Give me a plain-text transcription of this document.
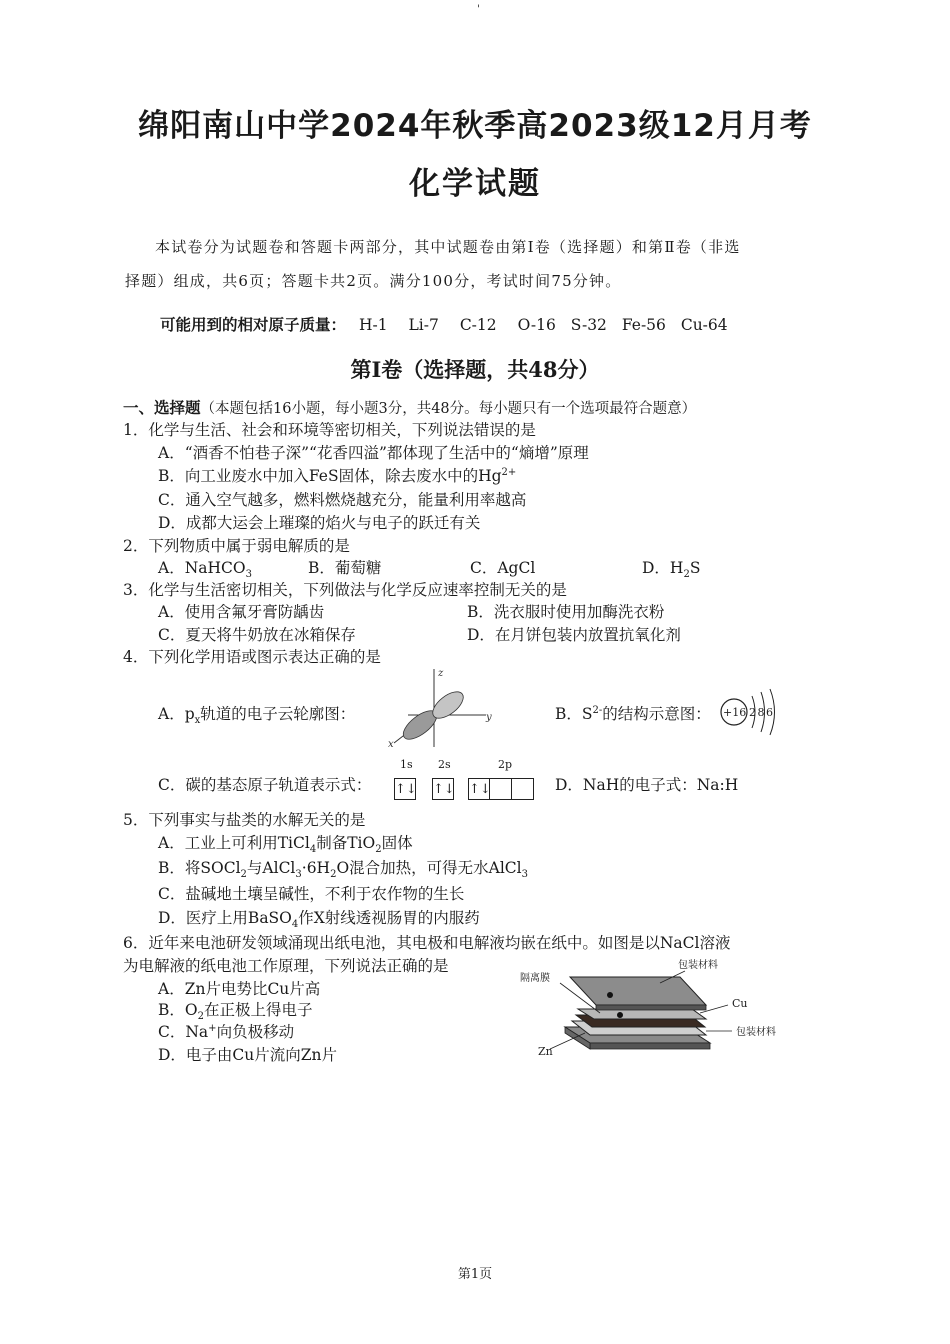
'
绵阳南山中学2024年秋季高2023级12月月考
化学试题
本试卷分为试题卷和答题卡两部分，其中试题卷由第Ⅰ卷（选择题）和第Ⅱ卷（非选
择题）组成，共6页；答题卡共2页。满分100分，考试时间75分钟。
可能用到的相对原子质量： H-1 Li-7 C-12 O-16 S-32 Fe-56 Cu-64
第Ⅰ卷（选择题，共48分）
一、选择题（本题包括16小题，每小题3分，共48分。每小题只有一个选项最符合题意）
1．化学与生活、社会和环境等密切相关，下列说法错误的是
A．“酒香不怕巷子深”“花香四溢”都体现了生活中的“熵增”原理
B．向工业废水中加入FeS固体，除去废水中的$Hg^{2+}$
C．通入空气越多，燃料燃烧越充分，能量利用率越高
D．成都大运会上璀璨的焰火与电子的跃迁有关
2．下列物质中属于弱电解质的是
A．NaHCO$_3$	B．葡萄糖	C．AgCl	D．$H_2S$
3．化学与生活密切相关，下列做法与化学反应速率控制无关的是
A．使用含氟牙膏防龋齿	B．洗衣服时使用加酶洗衣粉
C．夏天将牛奶放在冰箱保存	D．在月饼包装内放置抗氧化剂
4．下列化学用语或图示表达正确的是
A．$p_x$轨道的电子云轮廓图：
z
y
x
B．$S^{2-}$的结构示意图： +16 2 8 6
C．碳的基态原子轨道表示式：
1s 2s	2p
↑↓ ↑↓ ↑↓	D．NaH的电子式：Na:H
5．下列事实与盐类的水解无关的是
A．工业上可利用TiCl$_4$制备TiO$_2$固体
B．将SOCl$_2$与$AlCl_3\cdot 6H_2O$混合加热，可得无水AlCl$_3$
C．盐碱地土壤呈碱性，不利于农作物的生长
D．医疗上用BaSO$_4$作X射线透视肠胃的内服药
6．近年来电池研发领域涌现出纸电池，其电极和电解液均嵌在纸中。如图是以NaCl溶液
为电解液的纸电池工作原理，下列说法正确的是
A．Zn片电势比Cu片高
B．$O_2$在正极上得电子
C．Na+向负极移动
D．电子由Cu片流向Zn片
包装材料
隔离膜
Cu
包装材料
Zn
第1页
